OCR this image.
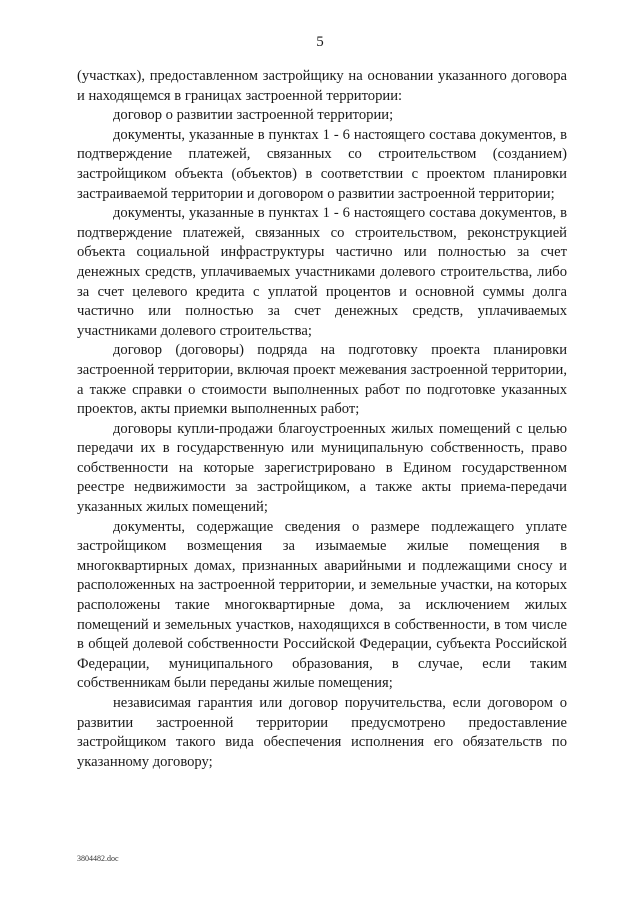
5

(участках), предоставленном застройщику на основании указанного договора и находящемся в границах застроенной территории:

договор о развитии застроенной территории;

документы, указанные в пунктах 1 - 6 настоящего состава документов, в подтверждение платежей, связанных со строительством (созданием) застройщиком объекта (объектов) в соответствии с проектом планировки застраиваемой территории и договором о развитии застроенной территории;

документы, указанные в пунктах 1 - 6 настоящего состава документов, в подтверждение платежей, связанных со строительством, реконструкцией объекта социальной инфраструктуры частично или полностью за счет денежных средств, уплачиваемых участниками долевого строительства, либо за счет целевого кредита с уплатой процентов и основной суммы долга частично или полностью за счет денежных средств, уплачиваемых участниками долевого строительства;

договор (договоры) подряда на подготовку проекта планировки застроенной территории, включая проект межевания застроенной территории, а также справки о стоимости выполненных работ по подготовке указанных проектов, акты приемки выполненных работ;

договоры купли-продажи благоустроенных жилых помещений с целью передачи их в государственную или муниципальную собственность, право собственности на которые зарегистрировано в Едином государственном реестре недвижимости за застройщиком, а также акты приема-передачи указанных жилых помещений;

документы, содержащие сведения о размере подлежащего уплате застройщиком возмещения за изымаемые жилые помещения в многоквартирных домах, признанных аварийными и подлежащими сносу и расположенных на застроенной территории, и земельные участки, на которых расположены такие многоквартирные дома, за исключением жилых помещений и земельных участков, находящихся в собственности, в том числе в общей долевой собственности Российской Федерации, субъекта Российской Федерации, муниципального образования, в случае, если таким собственникам были переданы жилые помещения;

независимая гарантия или договор поручительства, если договором о развитии застроенной территории предусмотрено предоставление застройщиком такого вида обеспечения исполнения его обязательств по указанному договору;

3804482.doc
